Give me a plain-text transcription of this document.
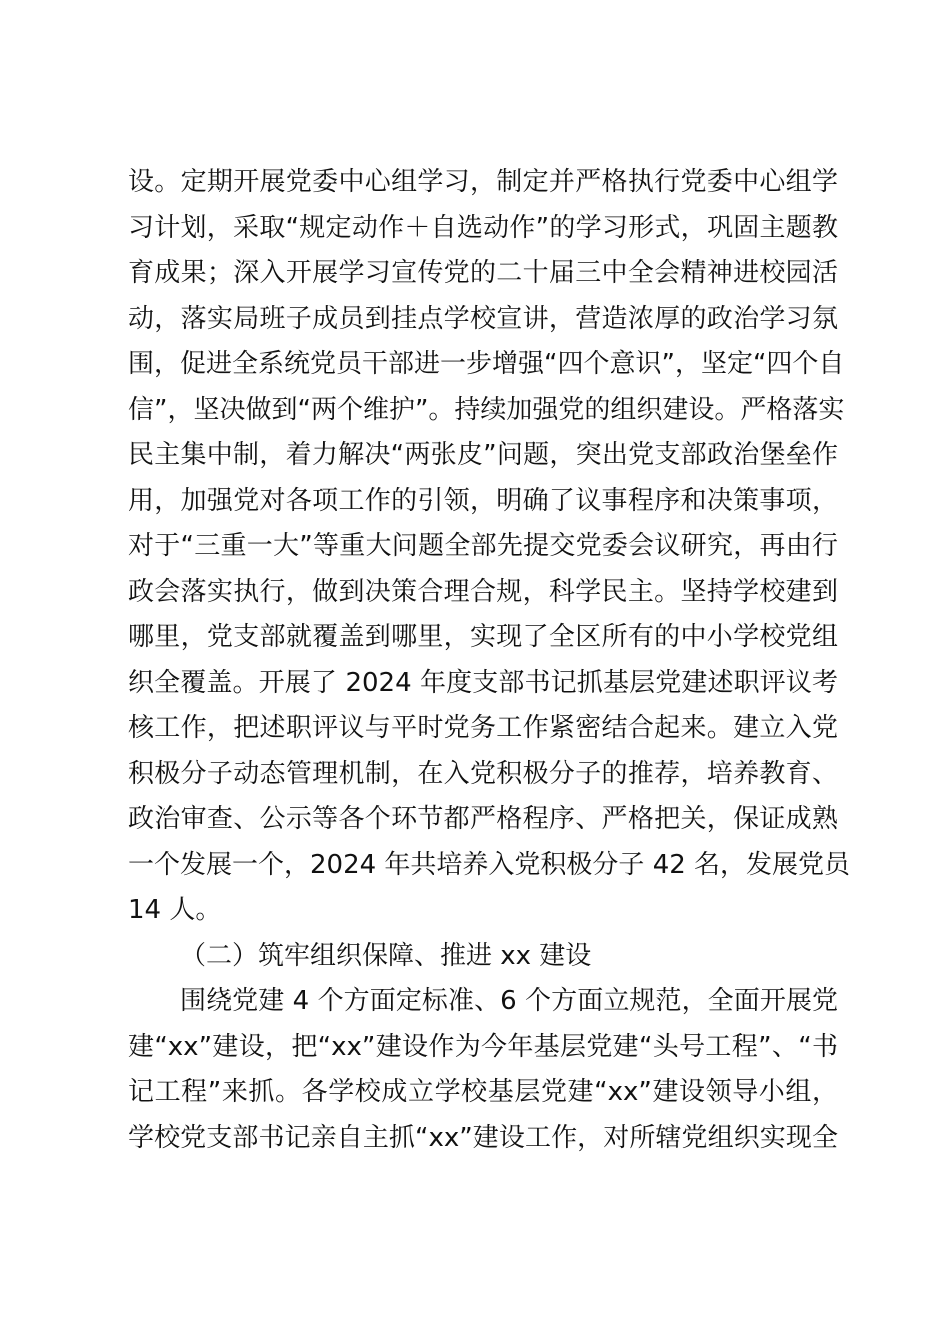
设。定期开展党委中心组学习，制定并严格执行党委中心组学
习计划，采取“规定动作＋自选动作”的学习形式，巩固主题教
育成果；深入开展学习宣传党的二十届三中全会精神进校园活
动，落实局班子成员到挂点学校宣讲，营造浓厚的政治学习氛
围，促进全系统党员干部进一步增强“四个意识”，坚定“四个自
信”，坚决做到“两个维护”。持续加强党的组织建设。严格落实
民主集中制，着力解决“两张皮”问题，突出党支部政治堡垒作
用，加强党对各项工作的引领，明确了议事程序和决策事项，
对于“三重一大”等重大问题全部先提交党委会议研究，再由行
政会落实执行，做到决策合理合规，科学民主。坚持学校建到
哪里，党支部就覆盖到哪里，实现了全区所有的中小学校党组
织全覆盖。开展了 2024 年度支部书记抓基层党建述职评议考
核工作，把述职评议与平时党务工作紧密结合起来。建立入党
积极分子动态管理机制，在入党积极分子的推荐，培养教育、
政治审查、公示等各个环节都严格程序、严格把关，保证成熟
一个发展一个，2024 年共培养入党积极分子 42 名，发展党员
14 人。
（二）筑牢组织保障、推进 xx 建设
围绕党建 4 个方面定标准、6 个方面立规范，全面开展党
建“xx”建设，把“xx”建设作为今年基层党建“头号工程”、“书
记工程”来抓。各学校成立学校基层党建“xx”建设领导小组，
学校党支部书记亲自主抓“xx”建设工作，对所辖党组织实现全
